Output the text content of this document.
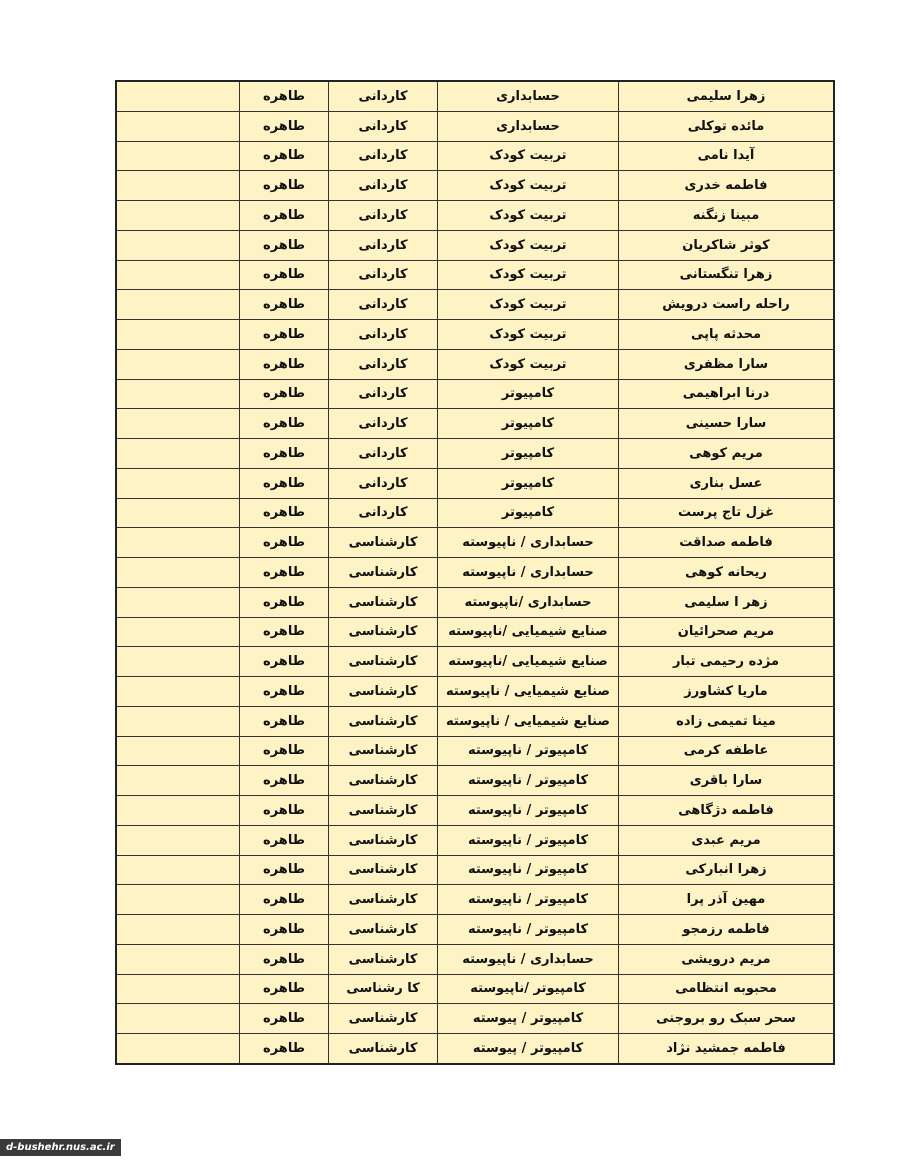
زهرا سلیمی	حسابداری	کاردانی	طاهره	
مائده توکلی	حسابداری	کاردانی	طاهره	
آیدا نامی	تربیت کودک	کاردانی	طاهره	
فاطمه خدری	تربیت کودک	کاردانی	طاهره	
مبینا زنگنه	تربیت کودک	کاردانی	طاهره	
کوثر شاکریان	تربیت کودک	کاردانی	طاهره	
زهرا تنگستانی	تربیت کودک	کاردانی	طاهره	
راحله راست درویش	تربیت کودک	کاردانی	طاهره	
محدثه پاپی	تربیت کودک	کاردانی	طاهره	
سارا مظفری	تربیت کودک	کاردانی	طاهره	
درنا ابراهیمی	کامپیوتر	کاردانی	طاهره	
سارا حسینی	کامپیوتر	کاردانی	طاهره	
مریم کوهی	کامپیوتر	کاردانی	طاهره	
عسل بناری	کامپیوتر	کاردانی	طاهره	
غزل تاج پرست	کامپیوتر	کاردانی	طاهره	
فاطمه صداقت	حسابداری / ناپیوسته	کارشناسی	طاهره	
ریحانه کوهی	حسابداری / ناپیوسته	کارشناسی	طاهره	
زهر ا سلیمی	حسابداری /ناپیوسته	کارشناسی	طاهره	
مریم صحرائیان	صنایع شیمیایی /ناپیوسته	کارشناسی	طاهره	
مژده رحیمی تبار	صنایع شیمیایی /ناپیوسته	کارشناسی	طاهره	
ماریا کشاورز	صنایع شیمیایی / ناپیوسته	کارشناسی	طاهره	
مینا تمیمی زاده	صنایع شیمیایی / ناپیوسته	کارشناسی	طاهره	
عاطفه کرمی	کامپیوتر / ناپیوسته	کارشناسی	طاهره	
سارا باقری	کامپیوتر / ناپیوسته	کارشناسی	طاهره	
فاطمه دژگاهی	کامپیوتر / ناپیوسته	کارشناسی	طاهره	
مریم عبدی	کامپیوتر / ناپیوسته	کارشناسی	طاهره	
زهرا انبارکی	کامپیوتر / ناپیوسته	کارشناسی	طاهره	
مهین آذر پرا	کامپیوتر / ناپیوسته	کارشناسی	طاهره	
فاطمه رزمجو	کامپیوتر / ناپیوسته	کارشناسی	طاهره	
مریم درویشی	حسابداری / ناپیوسته	کارشناسی	طاهره	
محبوبه انتظامی	کامپیوتر /ناپیوسته	کا رشناسی	طاهره	
سحر سبک رو بروجنی	کامپیوتر / پیوسته	کارشناسی	طاهره	
فاطمه جمشید نژاد	کامپیوتر / پیوسته	کارشناسی	طاهره	
d-bushehr.nus.ac.ir
